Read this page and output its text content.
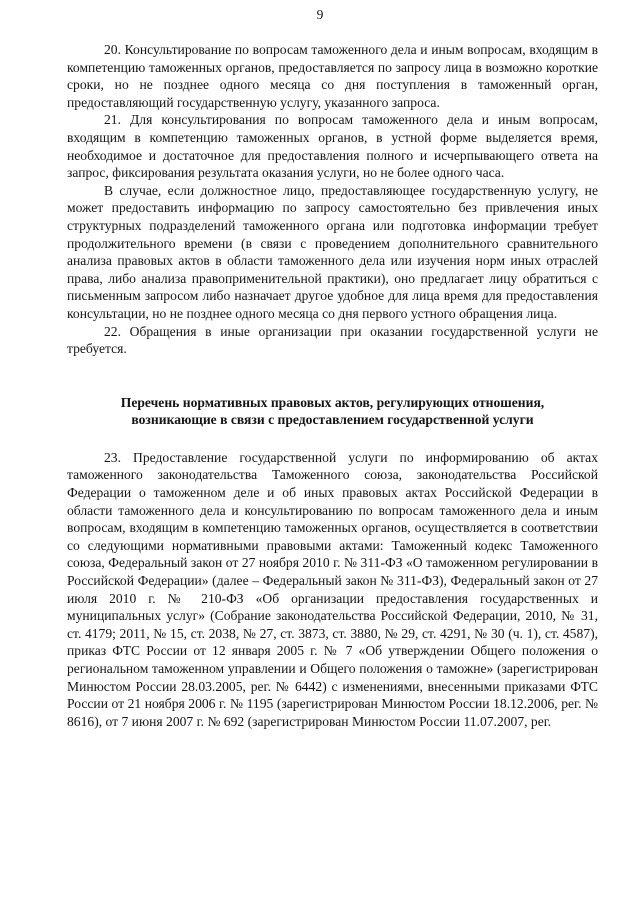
9

20. Консультирование по вопросам таможенного дела и иным вопросам, входящим в компетенцию таможенных органов, предоставляется по запросу лица в возможно короткие сроки, но не позднее одного месяца со дня поступления в таможенный орган, предоставляющий государственную услугу, указанного запроса.

21. Для консультирования по вопросам таможенного дела и иным вопросам, входящим в компетенцию таможенных органов, в устной форме выделяется время, необходимое и достаточное для предоставления полного и исчерпывающего ответа на запрос, фиксирования результата оказания услуги, но не более одного часа.

В случае, если должностное лицо, предоставляющее государственную услугу, не может предоставить информацию по запросу самостоятельно без привлечения иных структурных подразделений таможенного органа или подготовка информации требует продолжительного времени (в связи с проведением дополнительного сравнительного анализа правовых актов в области таможенного дела или изучения норм иных отраслей права, либо анализа правоприменительной практики), оно предлагает лицу обратиться с письменным запросом либо назначает другое удобное для лица время для предоставления консультации, но не позднее одного месяца со дня первого устного обращения лица.

22. Обращения в иные организации при оказании государственной услуги не требуется.

Перечень нормативных правовых актов, регулирующих отношения,

возникающие в связи с предоставлением государственной услуги

23. Предоставление государственной услуги по информированию об актах таможенного законодательства Таможенного союза, законодательства Российской Федерации о таможенном деле и об иных правовых актах Российской Федерации в области таможенного дела и консультированию по вопросам таможенного дела и иным вопросам, входящим в компетенцию таможенных органов, осуществляется в соответствии со следующими нормативными правовыми актами: Таможенный кодекс Таможенного союза, Федеральный закон от 27 ноября 2010 г. № 311-ФЗ «О таможенном регулировании в Российской Федерации» (далее – Федеральный закон № 311-ФЗ), Федеральный закон от 27 июля 2010 г. № 210-ФЗ «Об организации предоставления государственных и муниципальных услуг» (Собрание законодательства Российской Федерации, 2010, № 31, ст. 4179; 2011, № 15, ст. 2038, № 27, ст. 3873, ст. 3880, № 29, ст. 4291, № 30 (ч. 1), ст. 4587), приказ ФТС России от 12 января 2005 г. № 7 «Об утверждении Общего положения о региональном таможенном управлении и Общего положения о таможне» (зарегистрирован Минюстом России 28.03.2005, рег. № 6442) с изменениями, внесенными приказами ФТС России от 21 ноября 2006 г. № 1195 (зарегистрирован Минюстом России 18.12.2006, рег. № 8616), от 7 июня 2007 г. № 692 (зарегистрирован Минюстом России 11.07.2007, рег.
